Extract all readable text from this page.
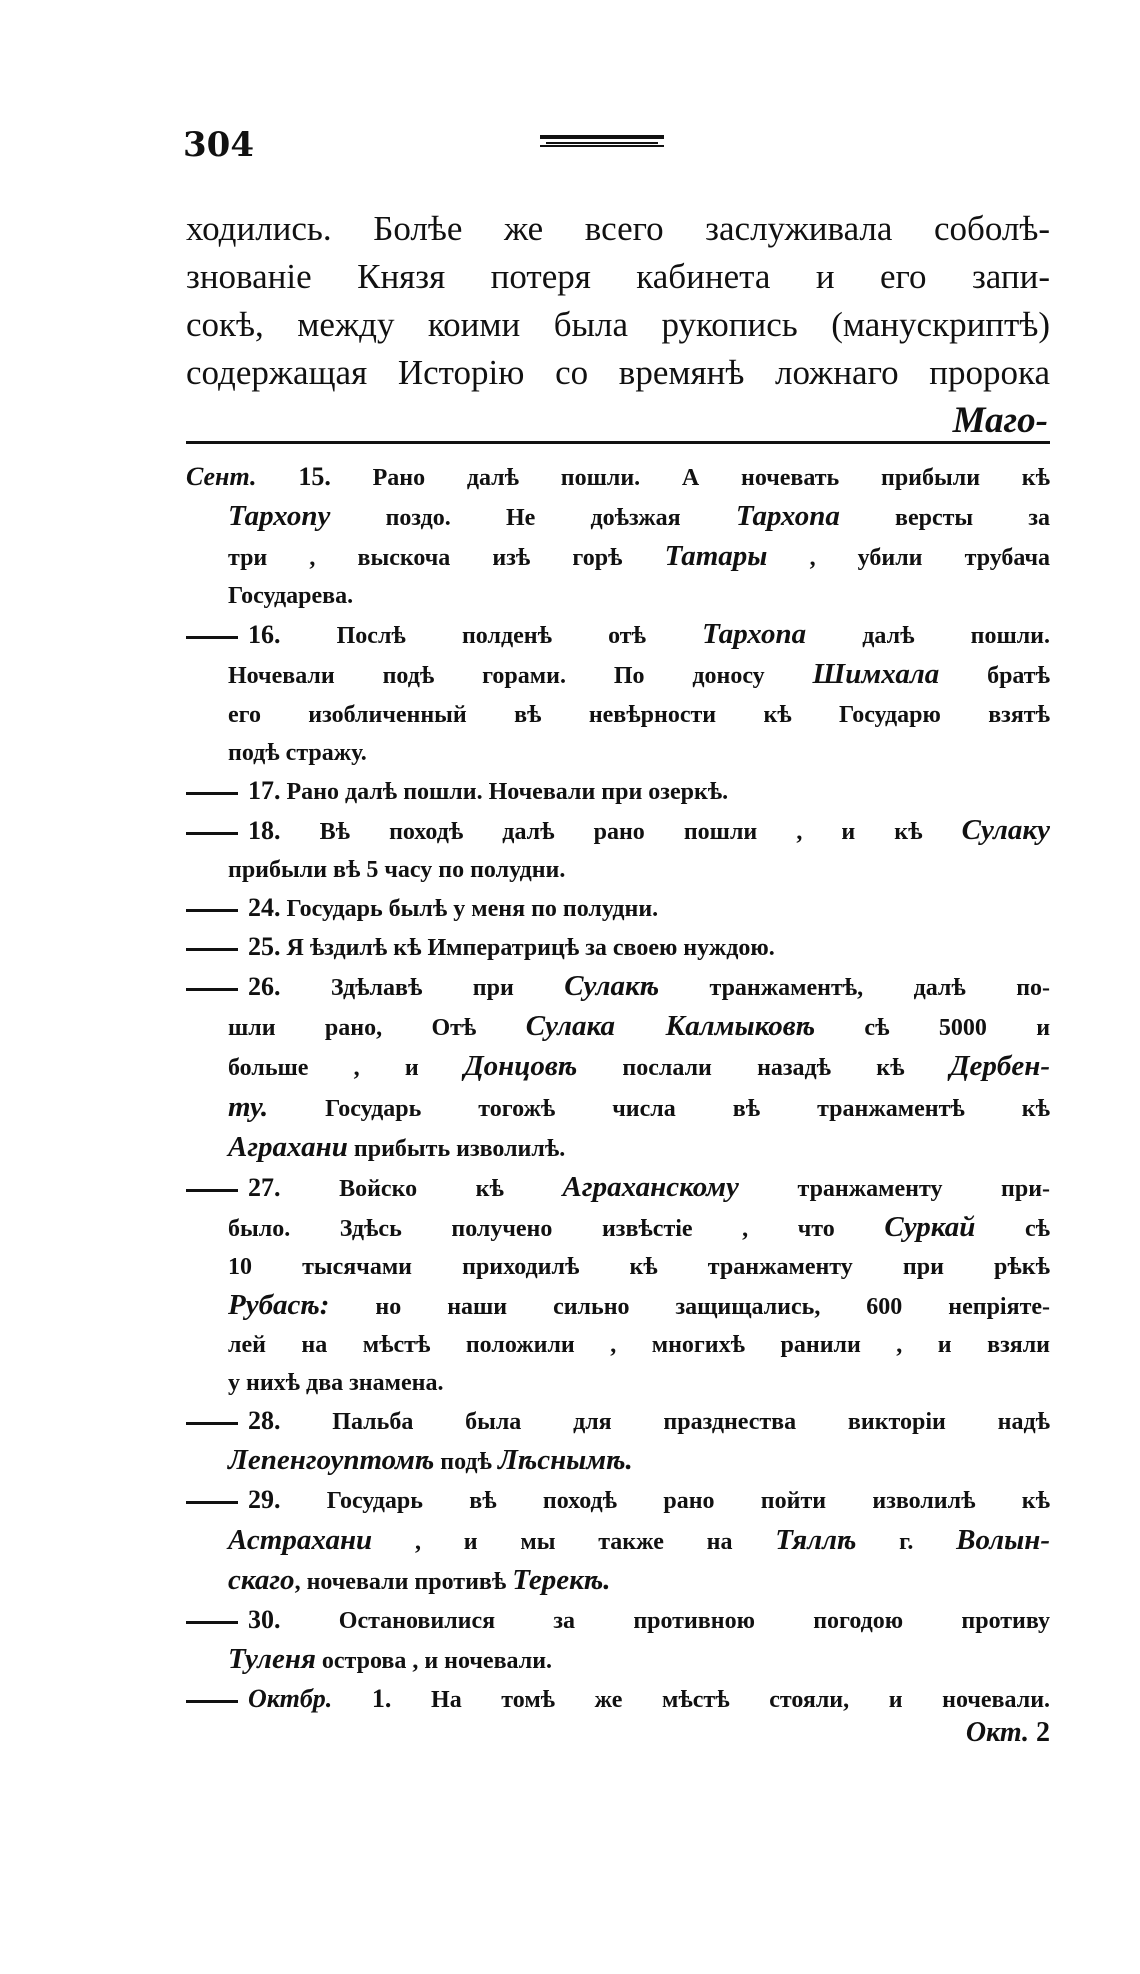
304
ходились. Болѣе же всего заслуживала соболѣ-
знованіе Князя потеря кабинета и его запи-
сокѣ, между коими была рукопись (манускриптѣ)
содержащая Исторію со времянѣ ложнаго пророка
Маго-
Сент. 15. Рано далѣ пошли. А ночевать прибыли кѣ
Тархопу поздо. Не доѣзжая Тархопа версты за
три , выскоча изѣ горѣ Татары , убили трубача
Государева.
16. Послѣ полденѣ отѣ Тархопа далѣ пошли.
Ночевали подѣ горами. По доносу Шимхала братѣ
его изобличенный вѣ невѣрности кѣ Государю взятѣ
подѣ стражу.
17. Рано далѣ пошли. Ночевали при озеркѣ.
18. Вѣ походѣ далѣ рано пошли , и кѣ Сулаку
прибыли вѣ 5 часу по полудни.
24. Государь былѣ у меня по полудни.
25. Я ѣздилѣ кѣ Императрицѣ за своею нуждою.
26. Здѣлавѣ при Сулакѣ транжаментѣ, далѣ по-
шли рано, Отѣ Сулака Калмыковѣ сѣ 5000 и
больше , и Донцовѣ послали назадѣ кѣ Дербен-
ту. Государь тогожѣ числа вѣ транжаментѣ кѣ
Аграхани прибыть изволилѣ.
27. Войско кѣ Аграханскому транжаменту при-
было. Здѣсь получено извѣстіе , что Суркай сѣ
10 тысячами приходилѣ кѣ транжаменту при рѣкѣ
Рубасѣ: но наши сильно защищались, 600 непріяте-
лей на мѣстѣ положили , многихѣ ранили , и взяли
у нихѣ два знамена.
28. Пальба была для празднества викторіи надѣ
Лепенгоуптомѣ подѣ Лѣснымѣ.
29. Государь вѣ походѣ рано пойти изволилѣ кѣ
Астрахани , и мы также на Тяллѣ г. Волын-
скаго, ночевали противѣ Терекѣ.
30. Остановилися за противною погодою противу
Туленя острова , и ночевали.
Октбр. 1. На томѣ же мѣстѣ стояли, и ночевали.
Окт. 2
